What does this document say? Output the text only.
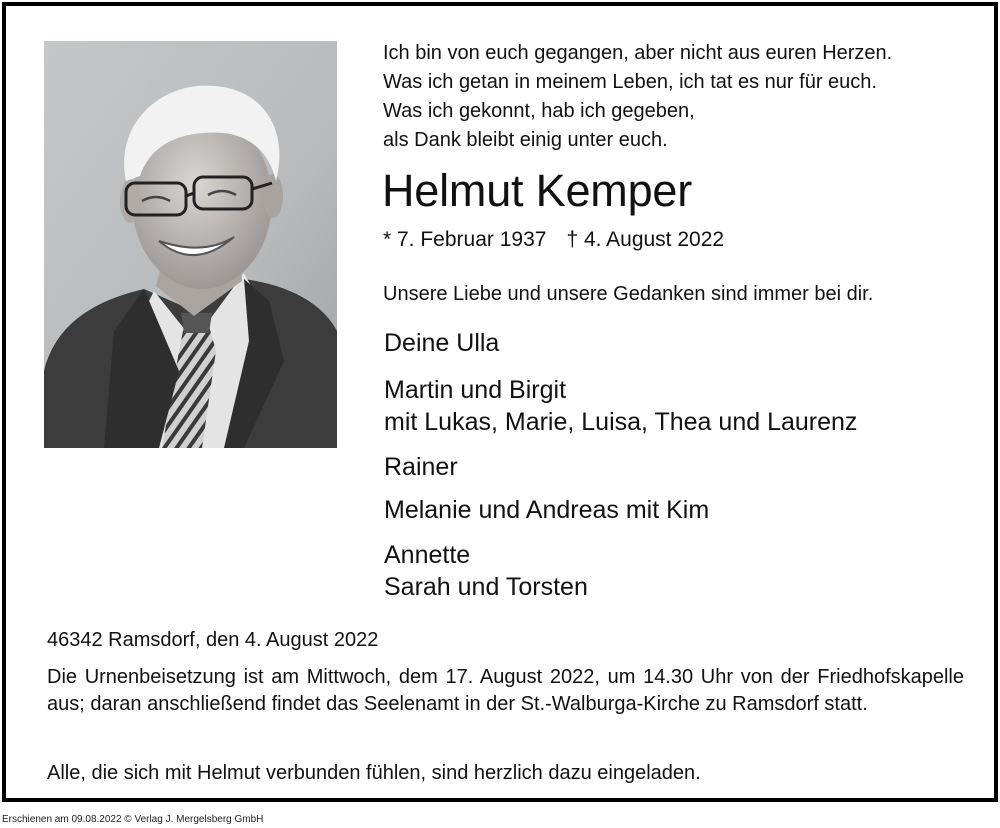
Ich bin von euch gegangen, aber nicht aus euren Herzen.
Was ich getan in meinem Leben, ich tat es nur für euch.
Was ich gekonnt, hab ich gegeben,
als Dank bleibt einig unter euch.
Helmut Kemper
* 7. Februar 1937 † 4. August 2022
Unsere Liebe und unsere Gedanken sind immer bei dir.
Deine Ulla
Martin und Birgit
mit Lukas, Marie, Luisa, Thea und Laurenz
Rainer
Melanie und Andreas mit Kim
Annette
Sarah und Torsten
46342 Ramsdorf, den 4. August 2022
Die Urnenbeisetzung ist am Mittwoch, dem 17. August 2022, um 14.30 Uhr von der Friedhofskapelle aus; daran anschließend findet das Seelenamt in der St.-Walburga-Kirche zu Ramsdorf statt.
Alle, die sich mit Helmut verbunden fühlen, sind herzlich dazu eingeladen.
Erschienen am 09.08.2022 © Verlag J. Mergelsberg GmbH
